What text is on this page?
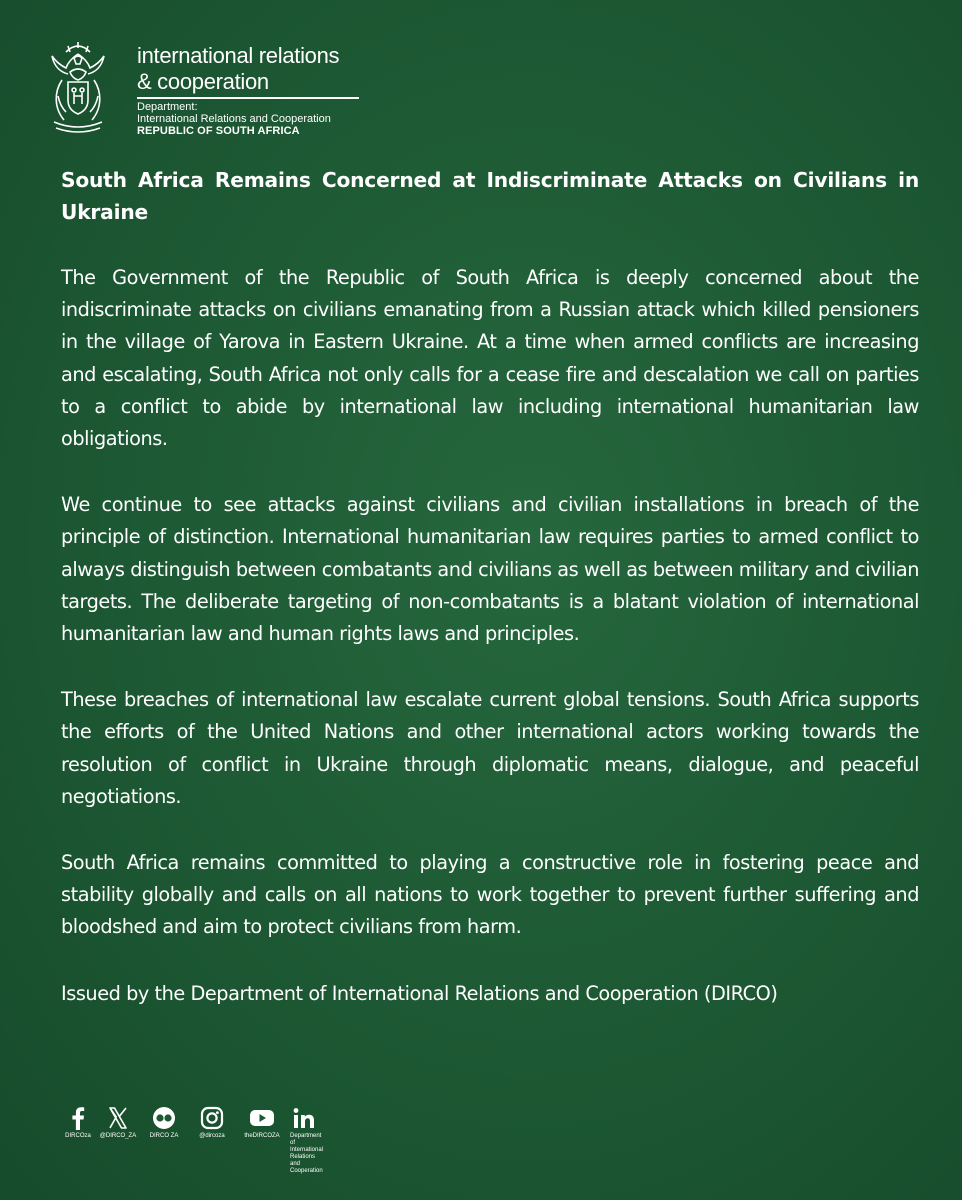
international relations
& cooperation
Department:
International Relations and Cooperation
REPUBLIC OF SOUTH AFRICA
South Africa Remains Concerned at Indiscriminate Attacks on Civilians in Ukraine

The Government of the Republic of South Africa is deeply concerned about the indiscriminate attacks on civilians emanating from a Russian attack which killed pensioners in the village of Yarova in Eastern Ukraine. At a time when armed conflicts are increasing and escalating, South Africa not only calls for a cease fire and descalation we call on parties to a conflict to abide by international law including international humanitarian law obligations.

We continue to see attacks against civilians and civilian installations in breach of the principle of distinction. International humanitarian law requires parties to armed conflict to always distinguish between combatants and civilians as well as between military and civilian targets. The deliberate targeting of non-combatants is a blatant violation of international humanitarian law and human rights laws and principles.

These breaches of international law escalate current global tensions. South Africa supports the efforts of the United Nations and other international actors working towards the resolution of conflict in Ukraine through diplomatic means, dialogue, and peaceful negotiations.

South Africa remains committed to playing a constructive role in fostering peace and stability globally and calls on all nations to work together to prevent further suffering and bloodshed and aim to protect civilians from harm.

Issued by the Department of International Relations and Cooperation (DIRCO)

DIRCOza	@DIRCO_ZA	DIRCO ZA	@dircoza	theDIRCOZA	Department of International Relations and Cooperation
